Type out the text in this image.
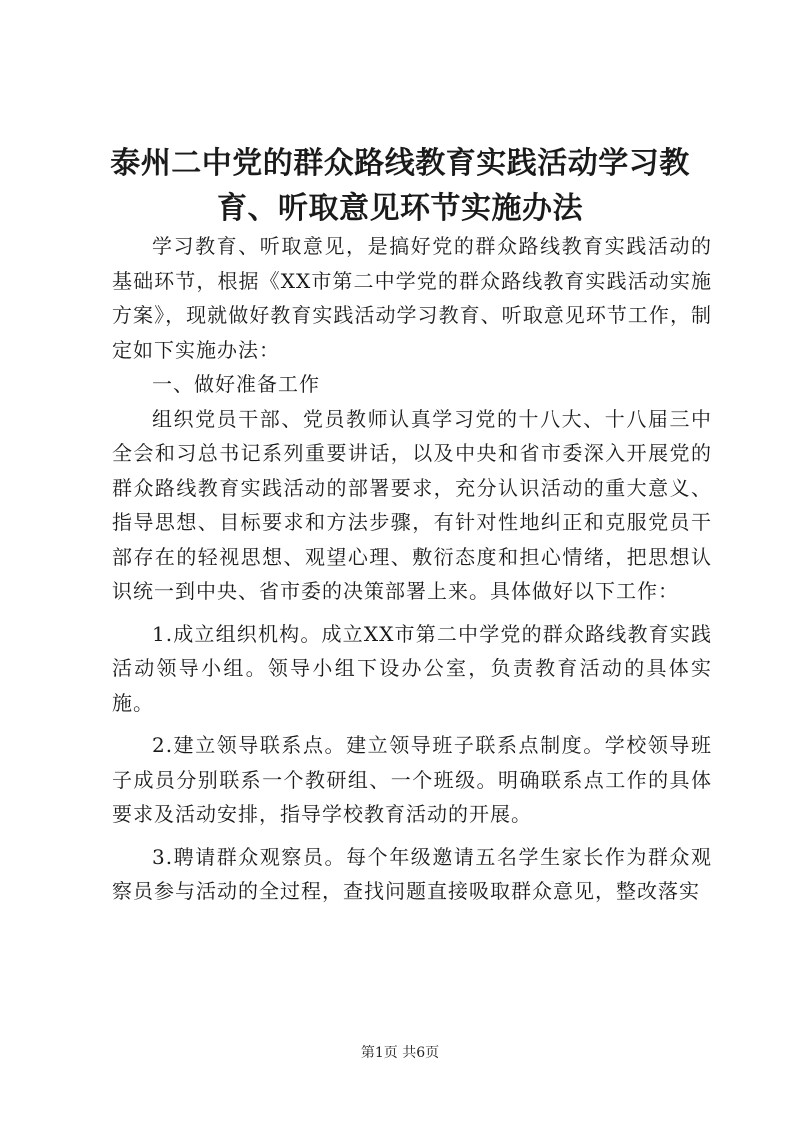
泰州二中党的群众路线教育实践活动学习教育、听取意见环节实施办法

学习教育、听取意见，是搞好党的群众路线教育实践活动的基础环节，根据《XX市第二中学党的群众路线教育实践活动实施方案》，现就做好教育实践活动学习教育、听取意见环节工作，制定如下实施办法：

一、做好准备工作

组织党员干部、党员教师认真学习党的十八大、十八届三中全会和习总书记系列重要讲话，以及中央和省市委深入开展党的群众路线教育实践活动的部署要求，充分认识活动的重大意义、指导思想、目标要求和方法步骤，有针对性地纠正和克服党员干部存在的轻视思想、观望心理、敷衍态度和担心情绪，把思想认识统一到中央、省市委的决策部署上来。具体做好以下工作：

1.成立组织机构。成立XX市第二中学党的群众路线教育实践活动领导小组。领导小组下设办公室，负责教育活动的具体实施。

2.建立领导联系点。建立领导班子联系点制度。学校领导班子成员分别联系一个教研组、一个班级。明确联系点工作的具体要求及活动安排，指导学校教育活动的开展。

3.聘请群众观察员。每个年级邀请五名学生家长作为群众观察员参与活动的全过程，查找问题直接吸取群众意见，整改落实

第1页 共6页
